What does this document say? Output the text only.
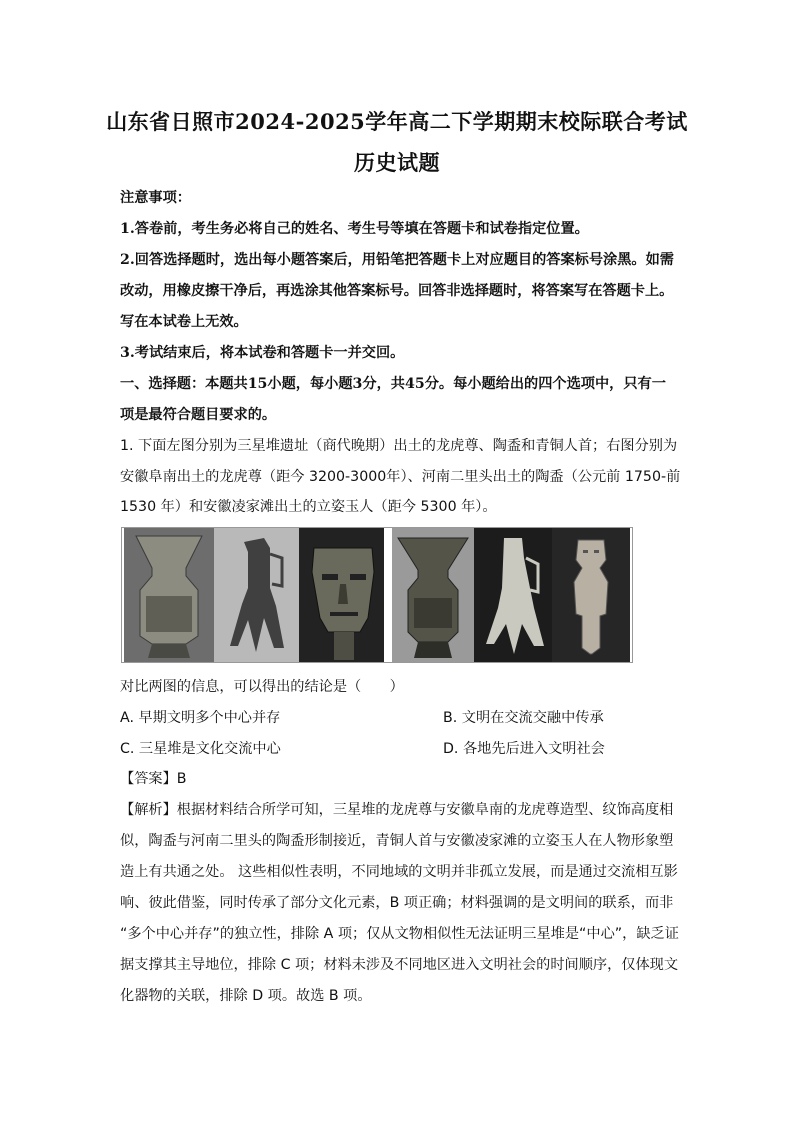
山东省日照市2024-2025学年高二下学期期末校际联合考试
历史试题
注意事项：
1.答卷前，考生务必将自己的姓名、考生号等填在答题卡和试卷指定位置。
2.回答选择题时，选出每小题答案后，用铅笔把答题卡上对应题目的答案标号涂黑。如需
改动，用橡皮擦干净后，再选涂其他答案标号。回答非选择题时，将答案写在答题卡上。
写在本试卷上无效。
3.考试结束后，将本试卷和答题卡一并交回。
一、选择题：本题共15小题，每小题3分，共45分。每小题给出的四个选项中，只有一
项是最符合题目要求的。
1. 下面左图分别为三星堆遗址（商代晚期）出土的龙虎尊、陶盉和青铜人首；右图分别为
安徽阜南出土的龙虎尊（距今 3200-3000年）、河南二里头出土的陶盉（公元前 1750-前
1530 年）和安徽凌家滩出土的立姿玉人（距今 5300 年）。
对比两图的信息，可以得出的结论是（　　）
A. 早期文明多个中心并存	B. 文明在交流交融中传承
C. 三星堆是文化交流中心	D. 各地先后进入文明社会
【答案】B
【解析】根据材料结合所学可知，三星堆的龙虎尊与安徽阜南的龙虎尊造型、纹饰高度相
似，陶盉与河南二里头的陶盉形制接近，青铜人首与安徽凌家滩的立姿玉人在人物形象塑
造上有共通之处。 这些相似性表明，不同地域的文明并非孤立发展，而是通过交流相互影
响、彼此借鉴，同时传承了部分文化元素，B 项正确；材料强调的是文明间的联系，而非
“多个中心并存”的独立性，排除 A 项；仅从文物相似性无法证明三星堆是“中心”，缺乏证
据支撑其主导地位，排除 C 项；材料未涉及不同地区进入文明社会的时间顺序，仅体现文
化器物的关联，排除 D 项。故选 B 项。
